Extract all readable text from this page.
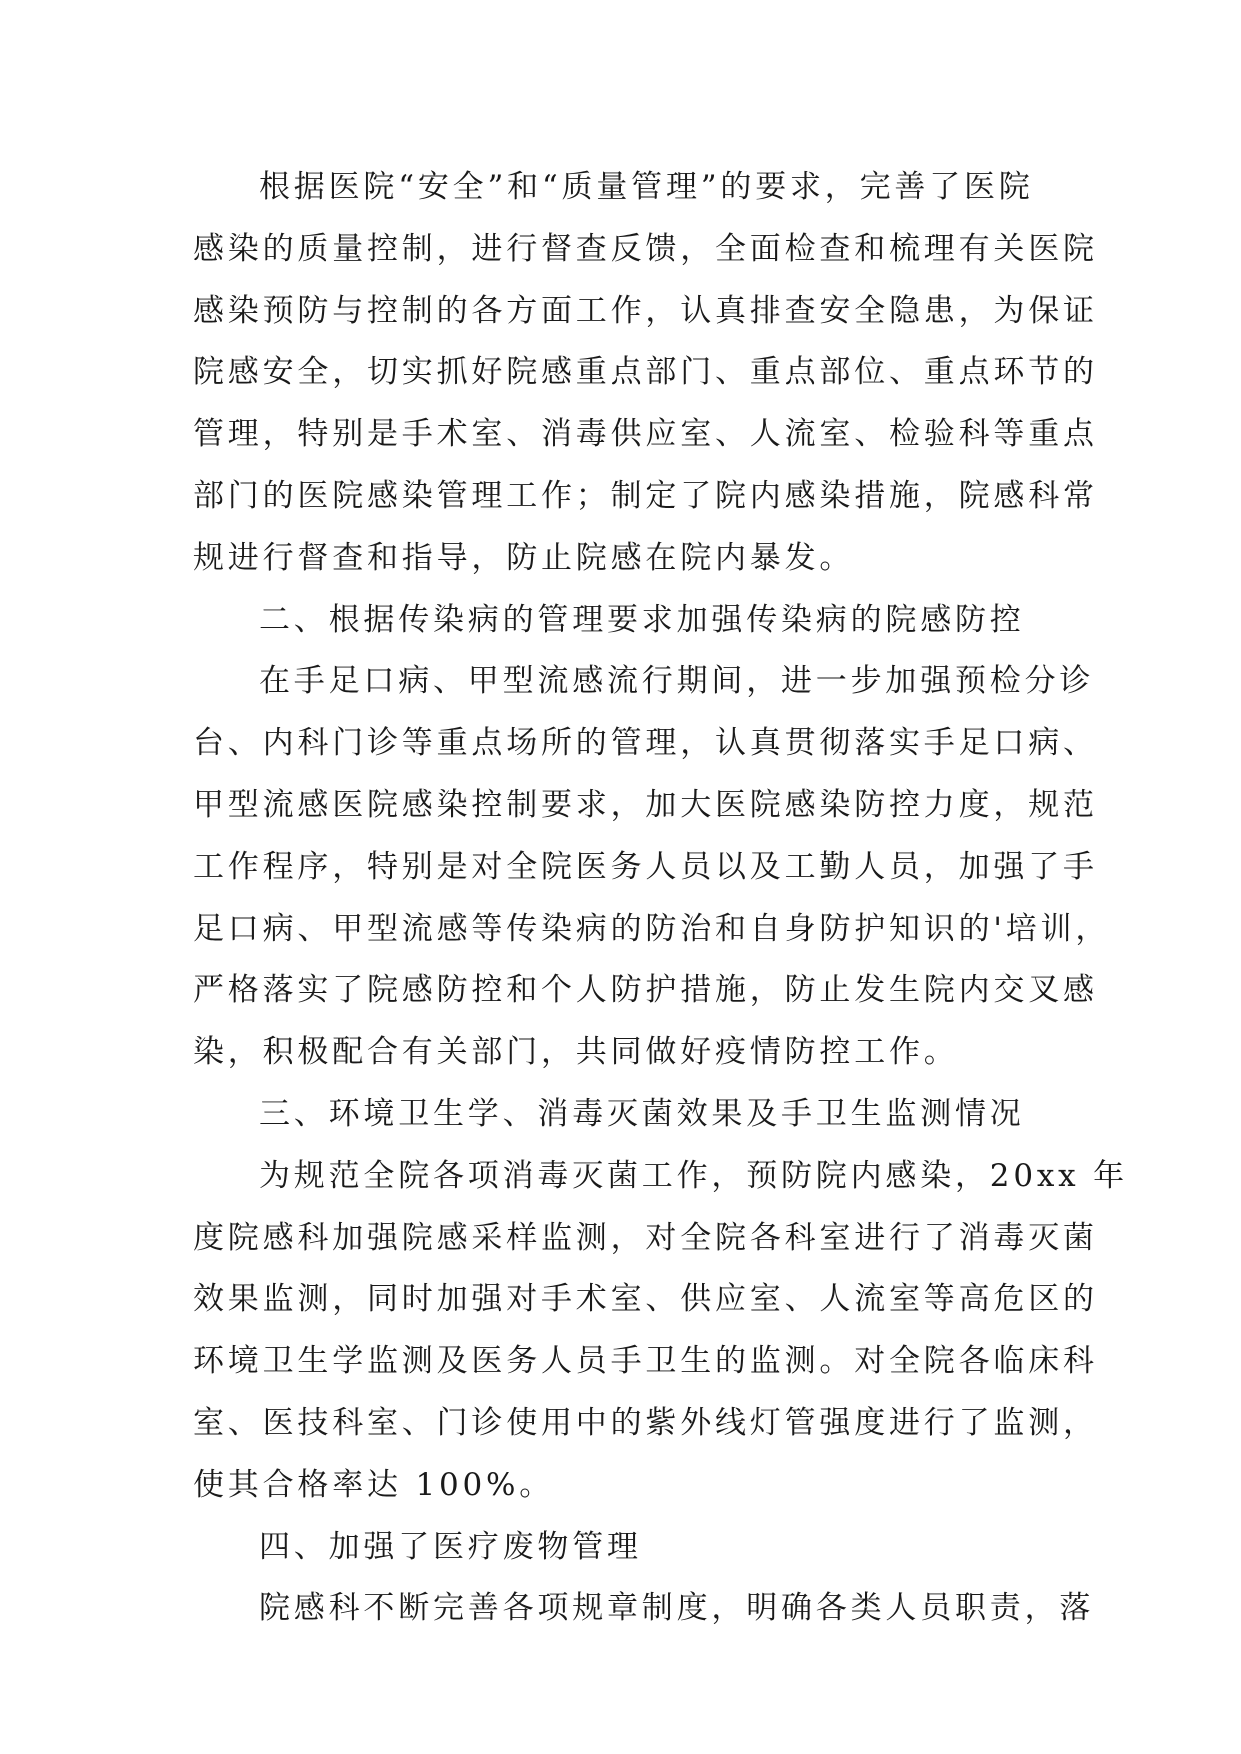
根据医院“安全”和“质量管理”的要求，完善了医院
感染的质量控制，进行督查反馈，全面检查和梳理有关医院
感染预防与控制的各方面工作，认真排查安全隐患，为保证
院感安全，切实抓好院感重点部门、重点部位、重点环节的
管理，特别是手术室、消毒供应室、人流室、检验科等重点
部门的医院感染管理工作；制定了院内感染措施，院感科常
规进行督查和指导，防止院感在院内暴发。
二、根据传染病的管理要求加强传染病的院感防控
在手足口病、甲型流感流行期间，进一步加强预检分诊
台、内科门诊等重点场所的管理，认真贯彻落实手足口病、
甲型流感医院感染控制要求，加大医院感染防控力度，规范
工作程序，特别是对全院医务人员以及工勤人员，加强了手
足口病、甲型流感等传染病的防治和自身防护知识的'培训，
严格落实了院感防控和个人防护措施，防止发生院内交叉感
染，积极配合有关部门，共同做好疫情防控工作。
三、环境卫生学、消毒灭菌效果及手卫生监测情况
为规范全院各项消毒灭菌工作，预防院内感染，20xx 年
度院感科加强院感采样监测，对全院各科室进行了消毒灭菌
效果监测，同时加强对手术室、供应室、人流室等高危区的
环境卫生学监测及医务人员手卫生的监测。对全院各临床科
室、医技科室、门诊使用中的紫外线灯管强度进行了监测，
使其合格率达 100%。
四、加强了医疗废物管理
院感科不断完善各项规章制度，明确各类人员职责，落
